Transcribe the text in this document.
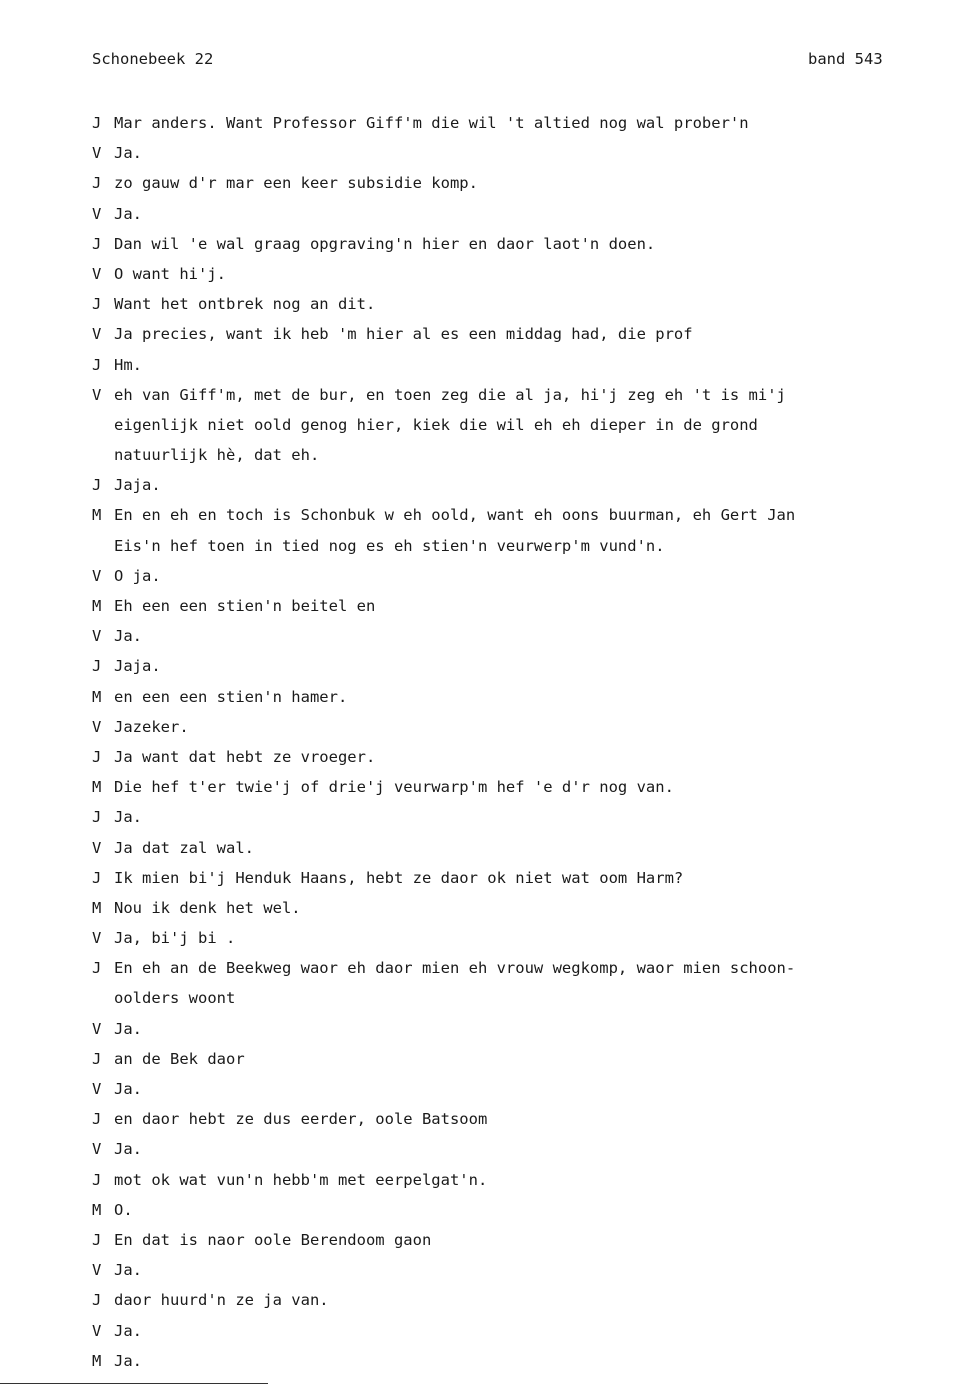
Schonebeek 22	band 543
J Mar anders. Want Professor Giff'm die wil 't altied nog wal prober'n
V Ja.
J zo gauw d'r mar een keer subsidie komp.
V Ja.
J Dan wil 'e wal graag opgraving'n hier en daor laot'n doen.
V O want hi'j.
J Want het ontbrek nog an dit.
V Ja precies, want ik heb 'm hier al es een middag had, die prof
J Hm.
V eh van Giff'm, met de bur, en toen zeg die al ja, hi'j zeg eh 't is mi'j
eigenlijk niet oold genog hier, kiek die wil eh eh dieper in de grond
natuurlijk hè, dat eh.
J Jaja.
M En en eh en toch is Schonbuk w eh oold, want eh oons buurman, eh Gert Jan
Eis'n hef toen in tied nog es eh stien'n veurwerp'm vund'n.
V O ja.
M Eh een een stien'n beitel en
V Ja.
J Jaja.
M en een een stien'n hamer.
V Jazeker.
J Ja want dat hebt ze vroeger.
M Die hef t'er twie'j of drie'j veurwarp'm hef 'e d'r nog van.
J Ja.
V Ja dat zal wal.
J Ik mien bi'j Henduk Haans, hebt ze daor ok niet wat oom Harm?
M Nou ik denk het wel.
V Ja, bi'j bi .
J En eh an de Beekweg waor eh daor mien eh vrouw wegkomp, waor mien schoon-
oolders woont
V Ja.
J an de Bek daor
V Ja.
J en daor hebt ze dus eerder, oole Batsoom
V Ja.
J mot ok wat vun'n hebb'm met eerpelgat'n.
M O.
J En dat is naor oole Berendoom gaon
V Ja.
J daor huurd'n ze ja van.
V Ja.
M Ja.
